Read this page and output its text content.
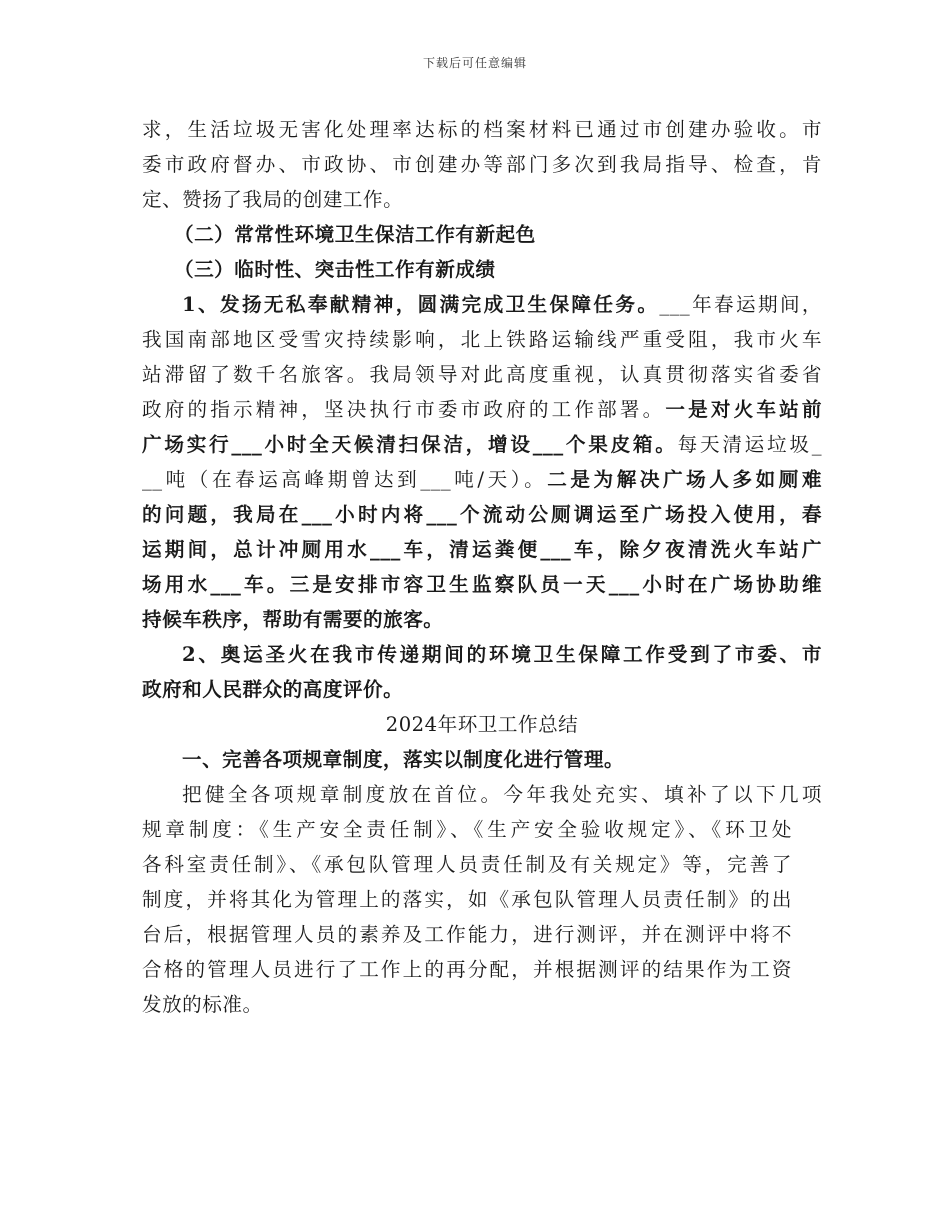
下载后可任意编辑
求，生活垃圾无害化处理率达标的档案材料已通过市创建办验收。市
委市政府督办、市政协、市创建办等部门多次到我局指导、检查，肯
定、赞扬了我局的创建工作。
（二）常常性环境卫生保洁工作有新起色
（三）临时性、突击性工作有新成绩
1、发扬无私奉献精神，圆满完成卫生保障任务。___年春运期间，
我国南部地区受雪灾持续影响，北上铁路运输线严重受阻，我市火车
站滞留了数千名旅客。我局领导对此高度重视，认真贯彻落实省委省
政府的指示精神，坚决执行市委市政府的工作部署。一是对火车站前
广场实行___小时全天候清扫保洁，增设___个果皮箱。每天清运垃圾_
__吨（在春运高峰期曾达到___吨/天）。二是为解决广场人多如厕难
的问题，我局在___小时内将___个流动公厕调运至广场投入使用，春
运期间，总计冲厕用水___车，清运粪便___车，除夕夜清洗火车站广
场用水___车。三是安排市容卫生监察队员一天___小时在广场协助维
持候车秩序，帮助有需要的旅客。
2、奥运圣火在我市传递期间的环境卫生保障工作受到了市委、市
政府和人民群众的高度评价。
2024年环卫工作总结
一、完善各项规章制度，落实以制度化进行管理。
把健全各项规章制度放在首位。今年我处充实、填补了以下几项
规章制度：《生产安全责任制》、《生产安全验收规定》、《环卫处
各科室责任制》、《承包队管理人员责任制及有关规定》等，完善了
制度，并将其化为管理上的落实，如《承包队管理人员责任制》的出
台后，根据管理人员的素养及工作能力，进行测评，并在测评中将不
合格的管理人员进行了工作上的再分配，并根据测评的结果作为工资
发放的标准。
